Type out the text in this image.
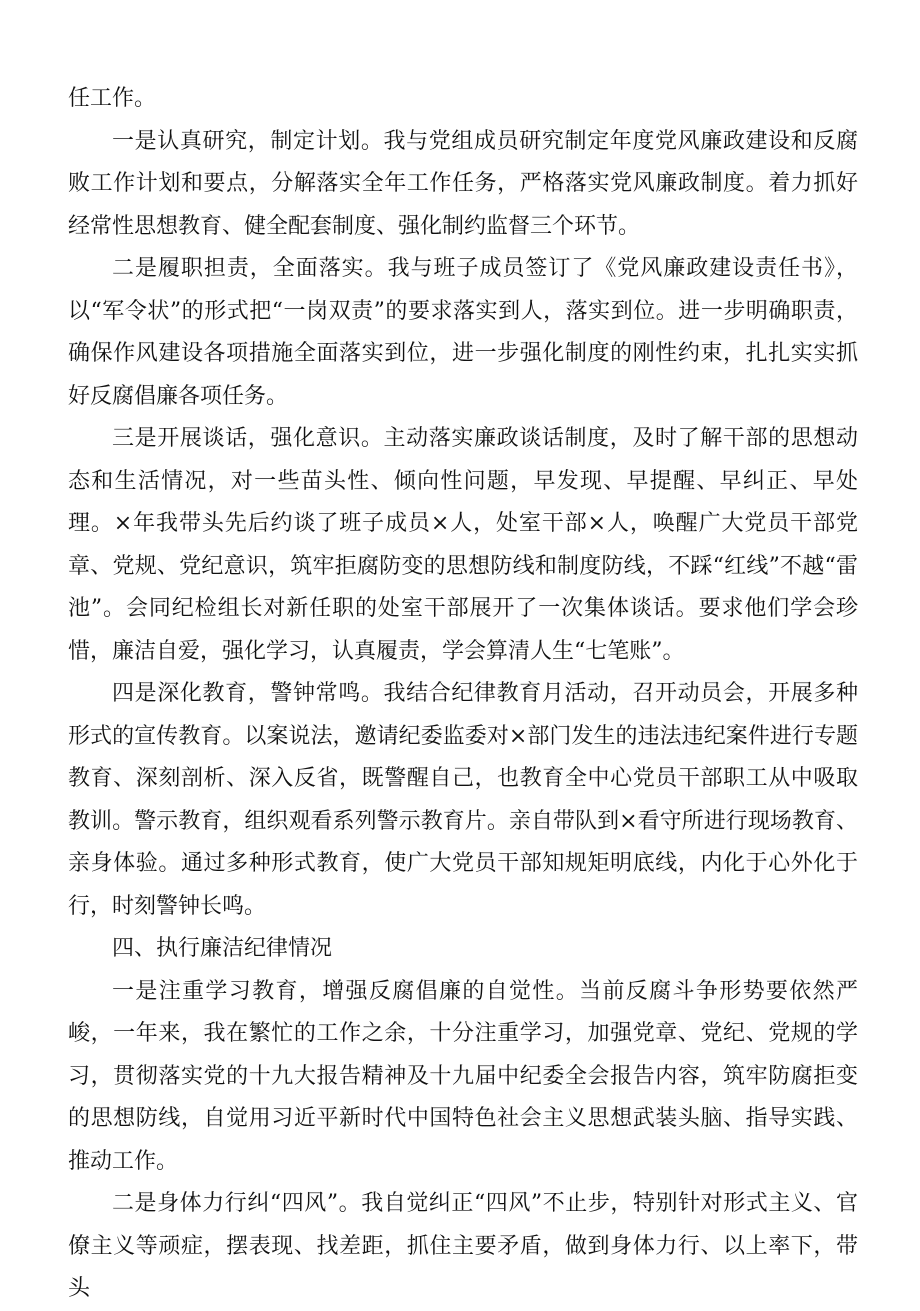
任工作。

一是认真研究，制定计划。我与党组成员研究制定年度党风廉政建设和反腐败工作计划和要点，分解落实全年工作任务，严格落实党风廉政制度。着力抓好经常性思想教育、健全配套制度、强化制约监督三个环节。

二是履职担责，全面落实。我与班子成员签订了《党风廉政建设责任书》，以“军令状”的形式把“一岗双责”的要求落实到人，落实到位。进一步明确职责，确保作风建设各项措施全面落实到位，进一步强化制度的刚性约束，扎扎实实抓好反腐倡廉各项任务。

三是开展谈话，强化意识。主动落实廉政谈话制度，及时了解干部的思想动态和生活情况，对一些苗头性、倾向性问题，早发现、早提醒、早纠正、早处理。×年我带头先后约谈了班子成员×人，处室干部×人，唤醒广大党员干部党章、党规、党纪意识，筑牢拒腐防变的思想防线和制度防线，不踩“红线”不越“雷池”。会同纪检组长对新任职的处室干部展开了一次集体谈话。要求他们学会珍惜，廉洁自爱，强化学习，认真履责，学会算清人生“七笔账”。

四是深化教育，警钟常鸣。我结合纪律教育月活动，召开动员会，开展多种形式的宣传教育。以案说法，邀请纪委监委对×部门发生的违法违纪案件进行专题教育、深刻剖析、深入反省，既警醒自己，也教育全中心党员干部职工从中吸取教训。警示教育，组织观看系列警示教育片。亲自带队到×看守所进行现场教育、亲身体验。通过多种形式教育，使广大党员干部知规矩明底线，内化于心外化于行，时刻警钟长鸣。

四、执行廉洁纪律情况

一是注重学习教育，增强反腐倡廉的自觉性。当前反腐斗争形势要依然严峻，一年来，我在繁忙的工作之余，十分注重学习，加强党章、党纪、党规的学习，贯彻落实党的十九大报告精神及十九届中纪委全会报告内容，筑牢防腐拒变的思想防线，自觉用习近平新时代中国特色社会主义思想武装头脑、指导实践、推动工作。

二是身体力行纠“四风”。我自觉纠正“四风”不止步，特别针对形式主义、官僚主义等顽症，摆表现、找差距，抓住主要矛盾，做到身体力行、以上率下，带头
